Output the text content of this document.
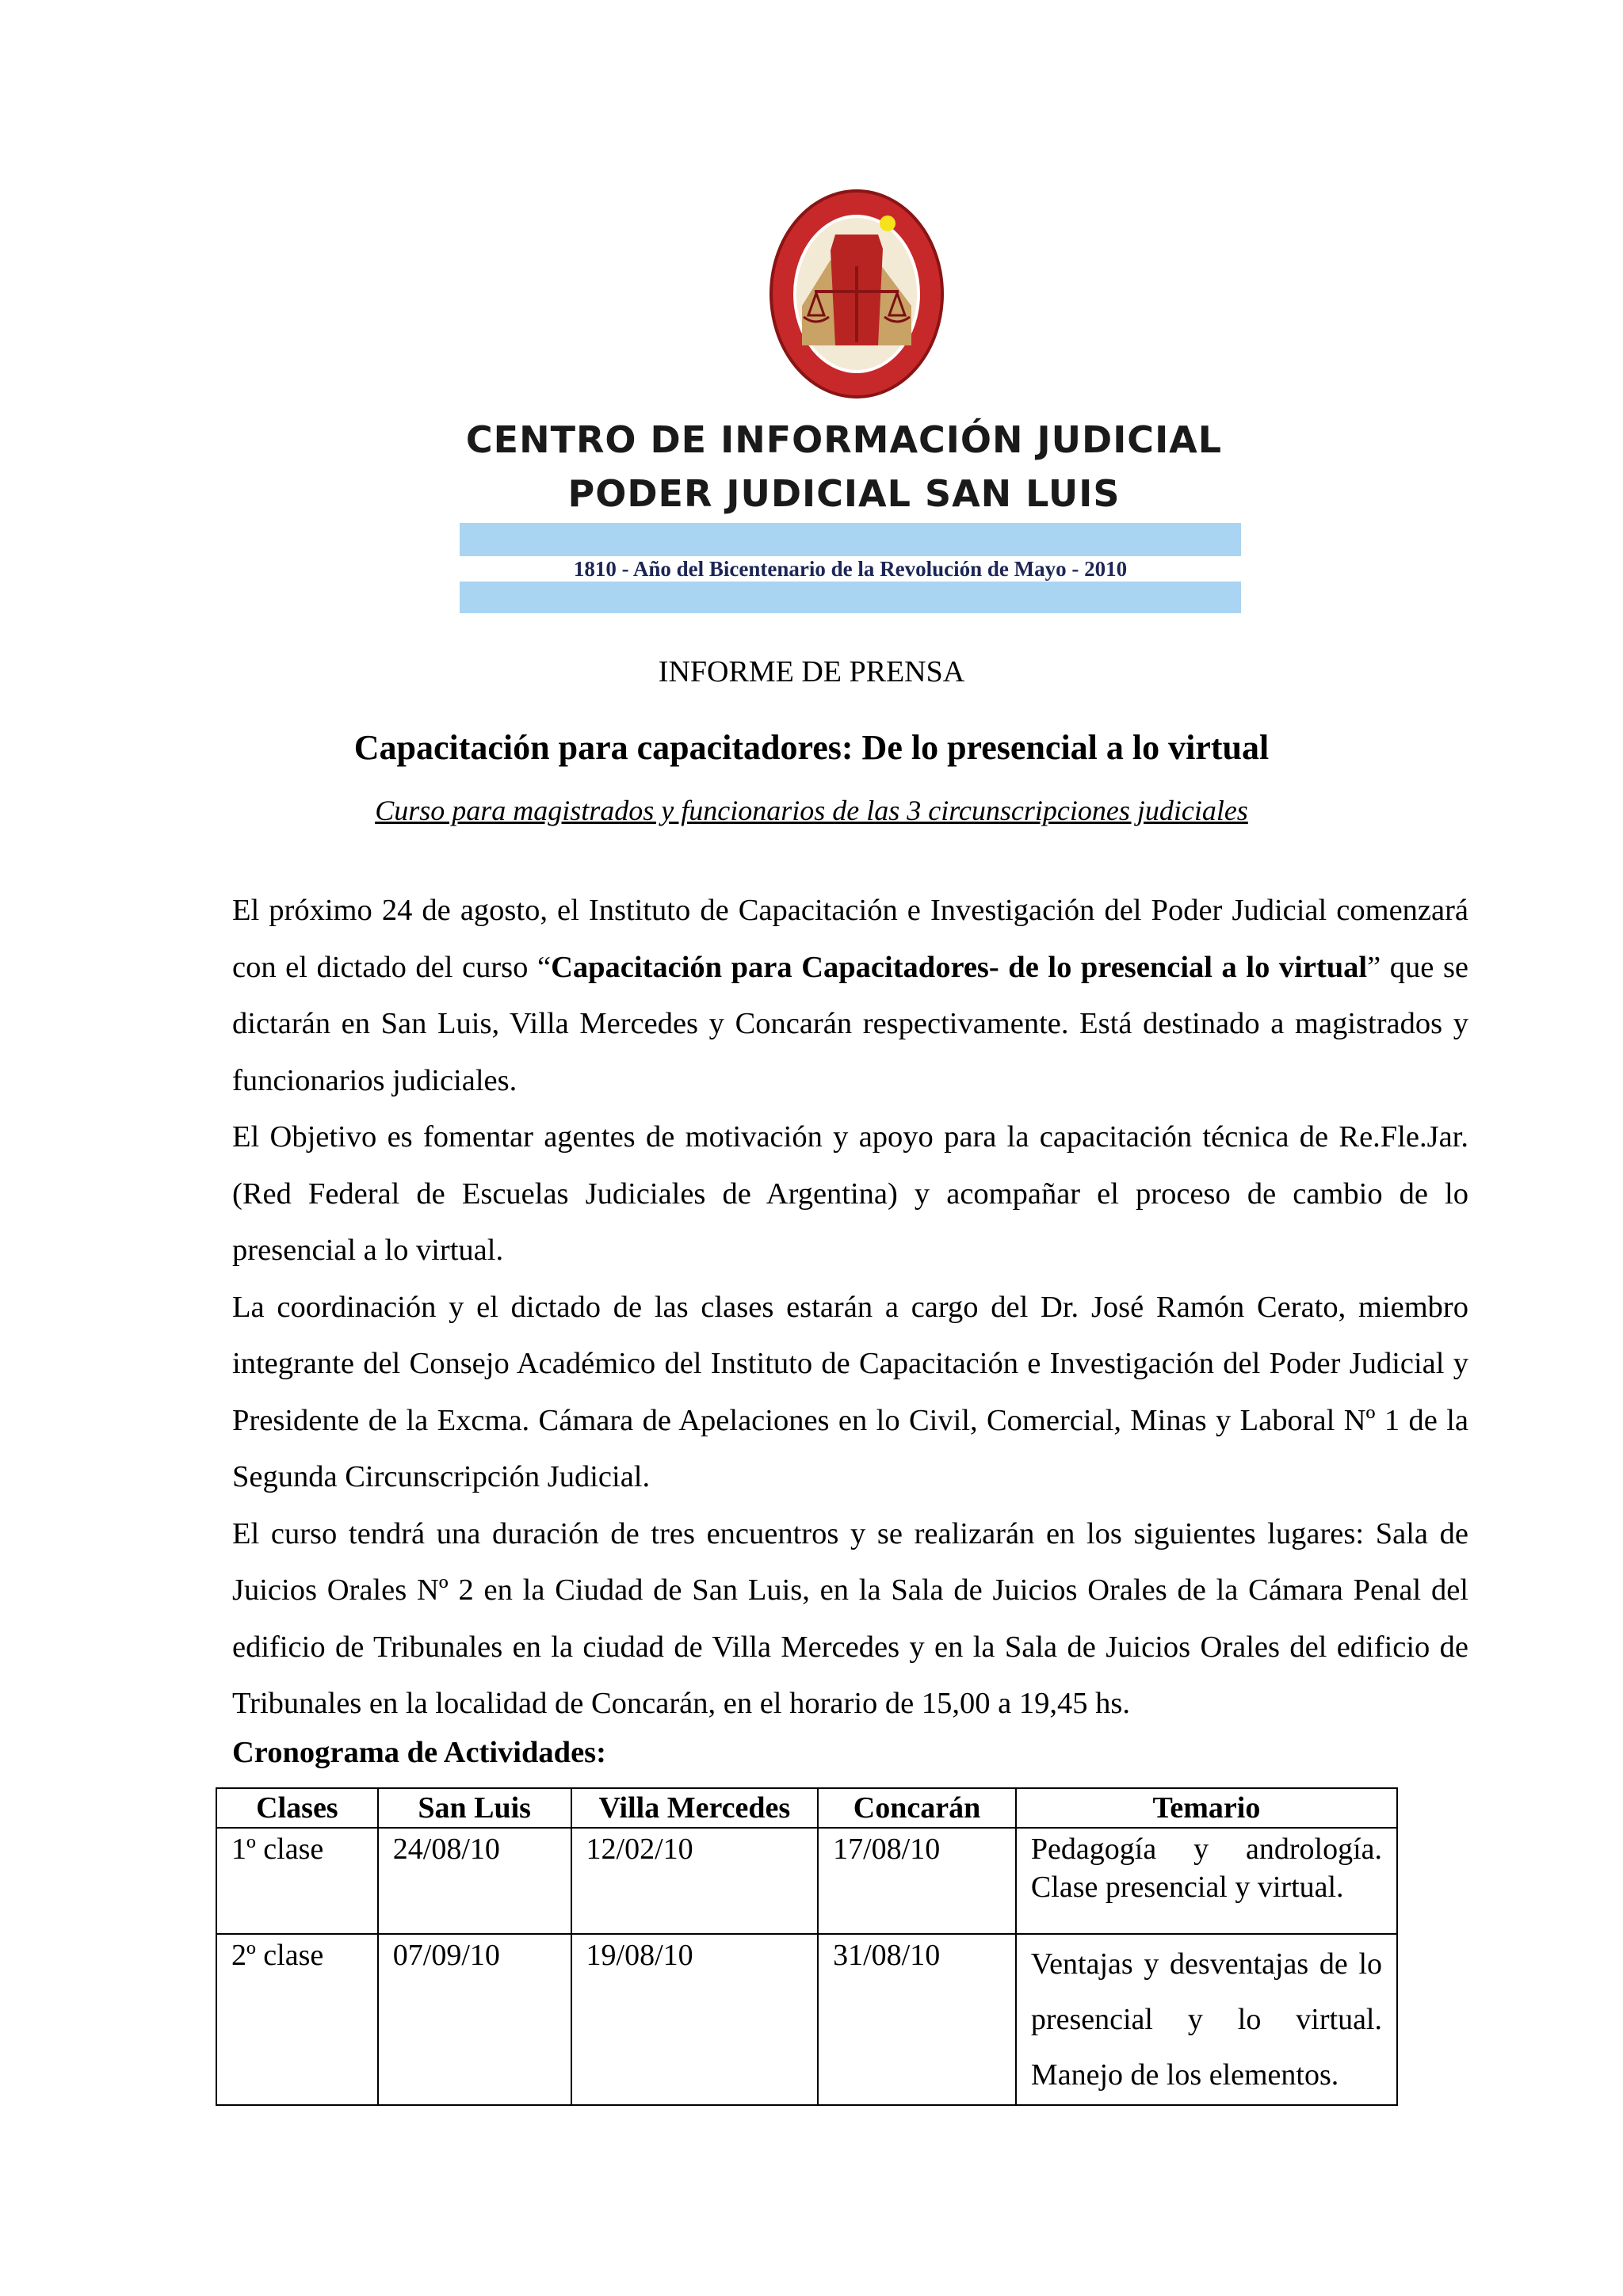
CENTRO DE INFORMACIÓN JUDICIAL
PODER JUDICIAL SAN LUIS
1810 - Año del Bicentenario de la Revolución de Mayo - 2010
INFORME DE PRENSA
Capacitación para capacitadores: De lo presencial a lo virtual
Curso para magistrados y funcionarios de las 3 circunscripciones judiciales

El próximo 24 de agosto, el Instituto de Capacitación e Investigación del Poder Judicial comenzará con el dictado del curso “Capacitación para Capacitadores- de lo presencial a lo virtual” que se dictarán en San Luis, Villa Mercedes y Concarán respectivamente. Está destinado a magistrados y funcionarios judiciales.

El Objetivo es fomentar agentes de motivación y apoyo para la capacitación técnica de Re.Fle.Jar. (Red Federal de Escuelas Judiciales de Argentina) y acompañar el proceso de cambio de lo presencial a lo virtual.

La coordinación y el dictado de las clases estarán a cargo del Dr. José Ramón Cerato, miembro integrante del Consejo Académico del Instituto de Capacitación e Investigación del Poder Judicial y Presidente de la Excma. Cámara de Apelaciones en lo Civil, Comercial, Minas y Laboral Nº 1 de la Segunda Circunscripción Judicial.

El curso tendrá una duración de tres encuentros y se realizarán en los siguientes lugares: Sala de Juicios Orales Nº 2 en la Ciudad de San Luis, en la Sala de Juicios Orales de la Cámara Penal del edificio de Tribunales en la ciudad de Villa Mercedes y en la Sala de Juicios Orales del edificio de Tribunales en la localidad de Concarán, en el horario de 15,00 a 19,45 hs.

Cronograma de Actividades:
Clases	San Luis	Villa Mercedes	Concarán	Temario
1º clase	24/08/10	12/02/10	17/08/10	Pedagogía y andrología. Clase presencial y virtual.
2º clase	07/09/10	19/08/10	31/08/10	Ventajas y desventajas de lo presencial y lo virtual. Manejo de los elementos.
